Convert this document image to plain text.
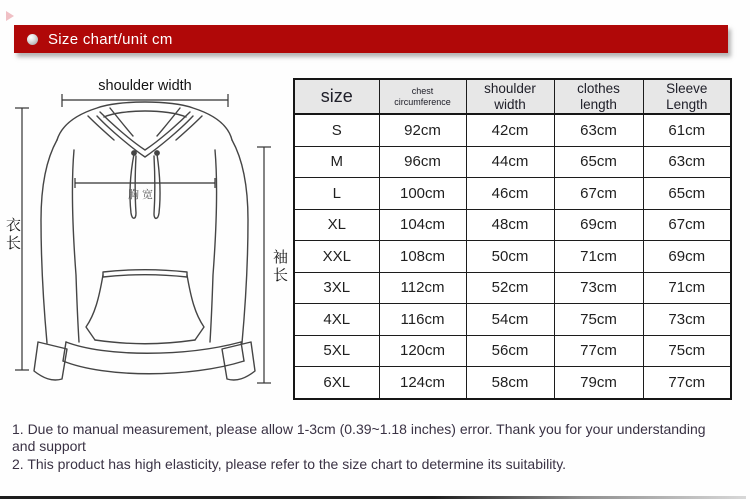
Size chart/unit cm
shoulder width
衣长
袖长
胸宽
size	chest circumference	shoulder width	clothes length	Sleeve Length
S	92cm	42cm	63cm	61cm
M	96cm	44cm	65cm	63cm
L	100cm	46cm	67cm	65cm
XL	104cm	48cm	69cm	67cm
XXL	108cm	50cm	71cm	69cm
3XL	112cm	52cm	73cm	71cm
4XL	116cm	54cm	75cm	73cm
5XL	120cm	56cm	77cm	75cm
6XL	124cm	58cm	79cm	77cm
1. Due to manual measurement, please allow 1-3cm (0.39~1.18 inches) error. Thank you for your understanding and support
2. This product has high elasticity, please refer to the size chart to determine its suitability.
